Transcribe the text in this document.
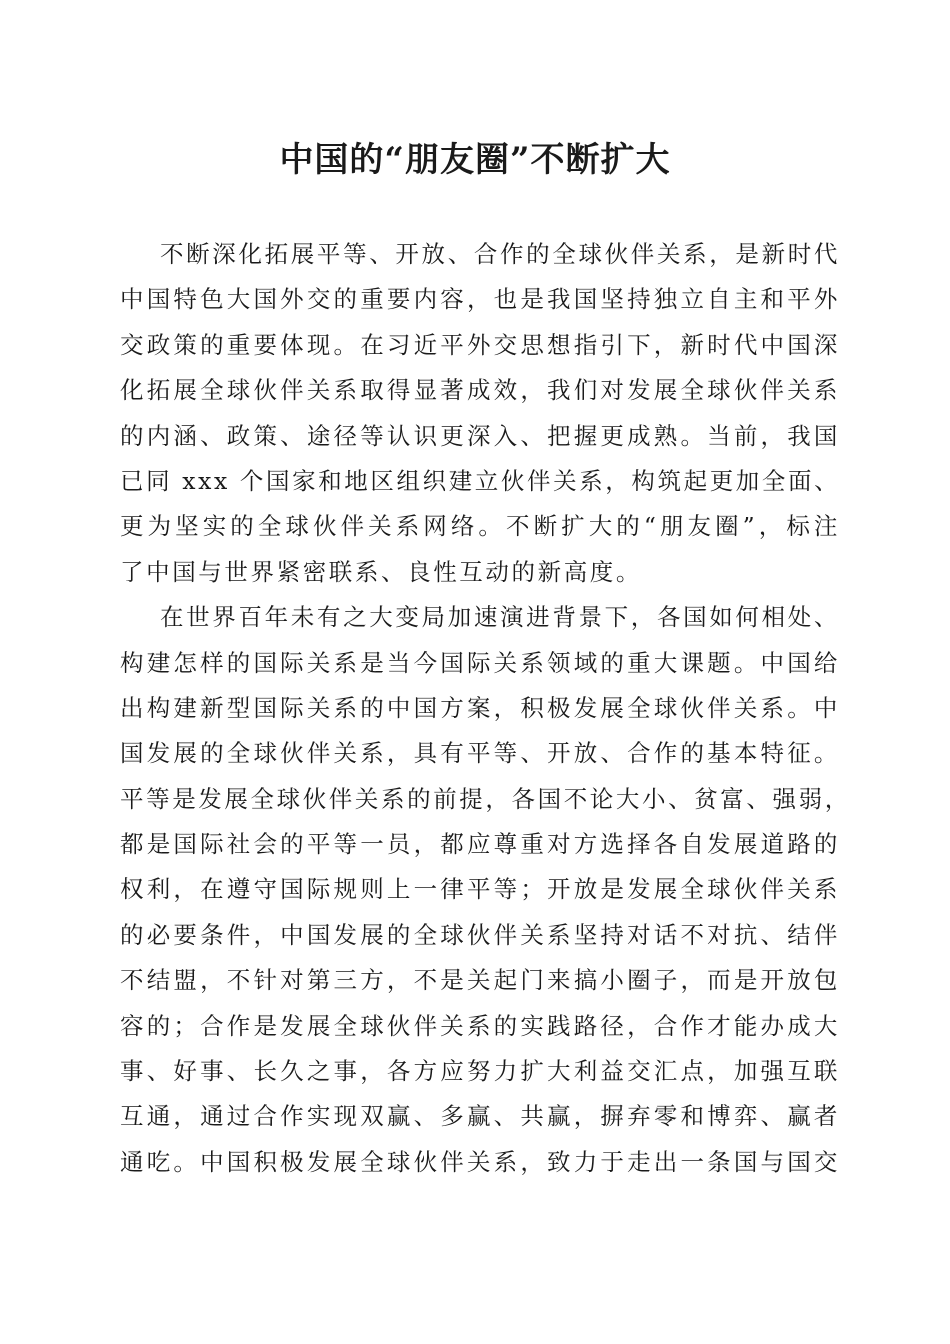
中国的“朋友圈”不断扩大
不断深化拓展平等、开放、合作的全球伙伴关系，是新时代
中国特色大国外交的重要内容，也是我国坚持独立自主和平外
交政策的重要体现。在习近平外交思想指引下，新时代中国深
化拓展全球伙伴关系取得显著成效，我们对发展全球伙伴关系
的内涵、政策、途径等认识更深入、把握更成熟。当前，我国
已同 xxx 个国家和地区组织建立伙伴关系，构筑起更加全面、
更为坚实的全球伙伴关系网络。不断扩大的“朋友圈”，标注
了中国与世界紧密联系、良性互动的新高度。
在世界百年未有之大变局加速演进背景下，各国如何相处、
构建怎样的国际关系是当今国际关系领域的重大课题。中国给
出构建新型国际关系的中国方案，积极发展全球伙伴关系。中
国发展的全球伙伴关系，具有平等、开放、合作的基本特征。
平等是发展全球伙伴关系的前提，各国不论大小、贫富、强弱，
都是国际社会的平等一员，都应尊重对方选择各自发展道路的
权利，在遵守国际规则上一律平等；开放是发展全球伙伴关系
的必要条件，中国发展的全球伙伴关系坚持对话不对抗、结伴
不结盟，不针对第三方，不是关起门来搞小圈子，而是开放包
容的；合作是发展全球伙伴关系的实践路径，合作才能办成大
事、好事、长久之事，各方应努力扩大利益交汇点，加强互联
互通，通过合作实现双赢、多赢、共赢，摒弃零和博弈、赢者
通吃。中国积极发展全球伙伴关系，致力于走出一条国与国交
